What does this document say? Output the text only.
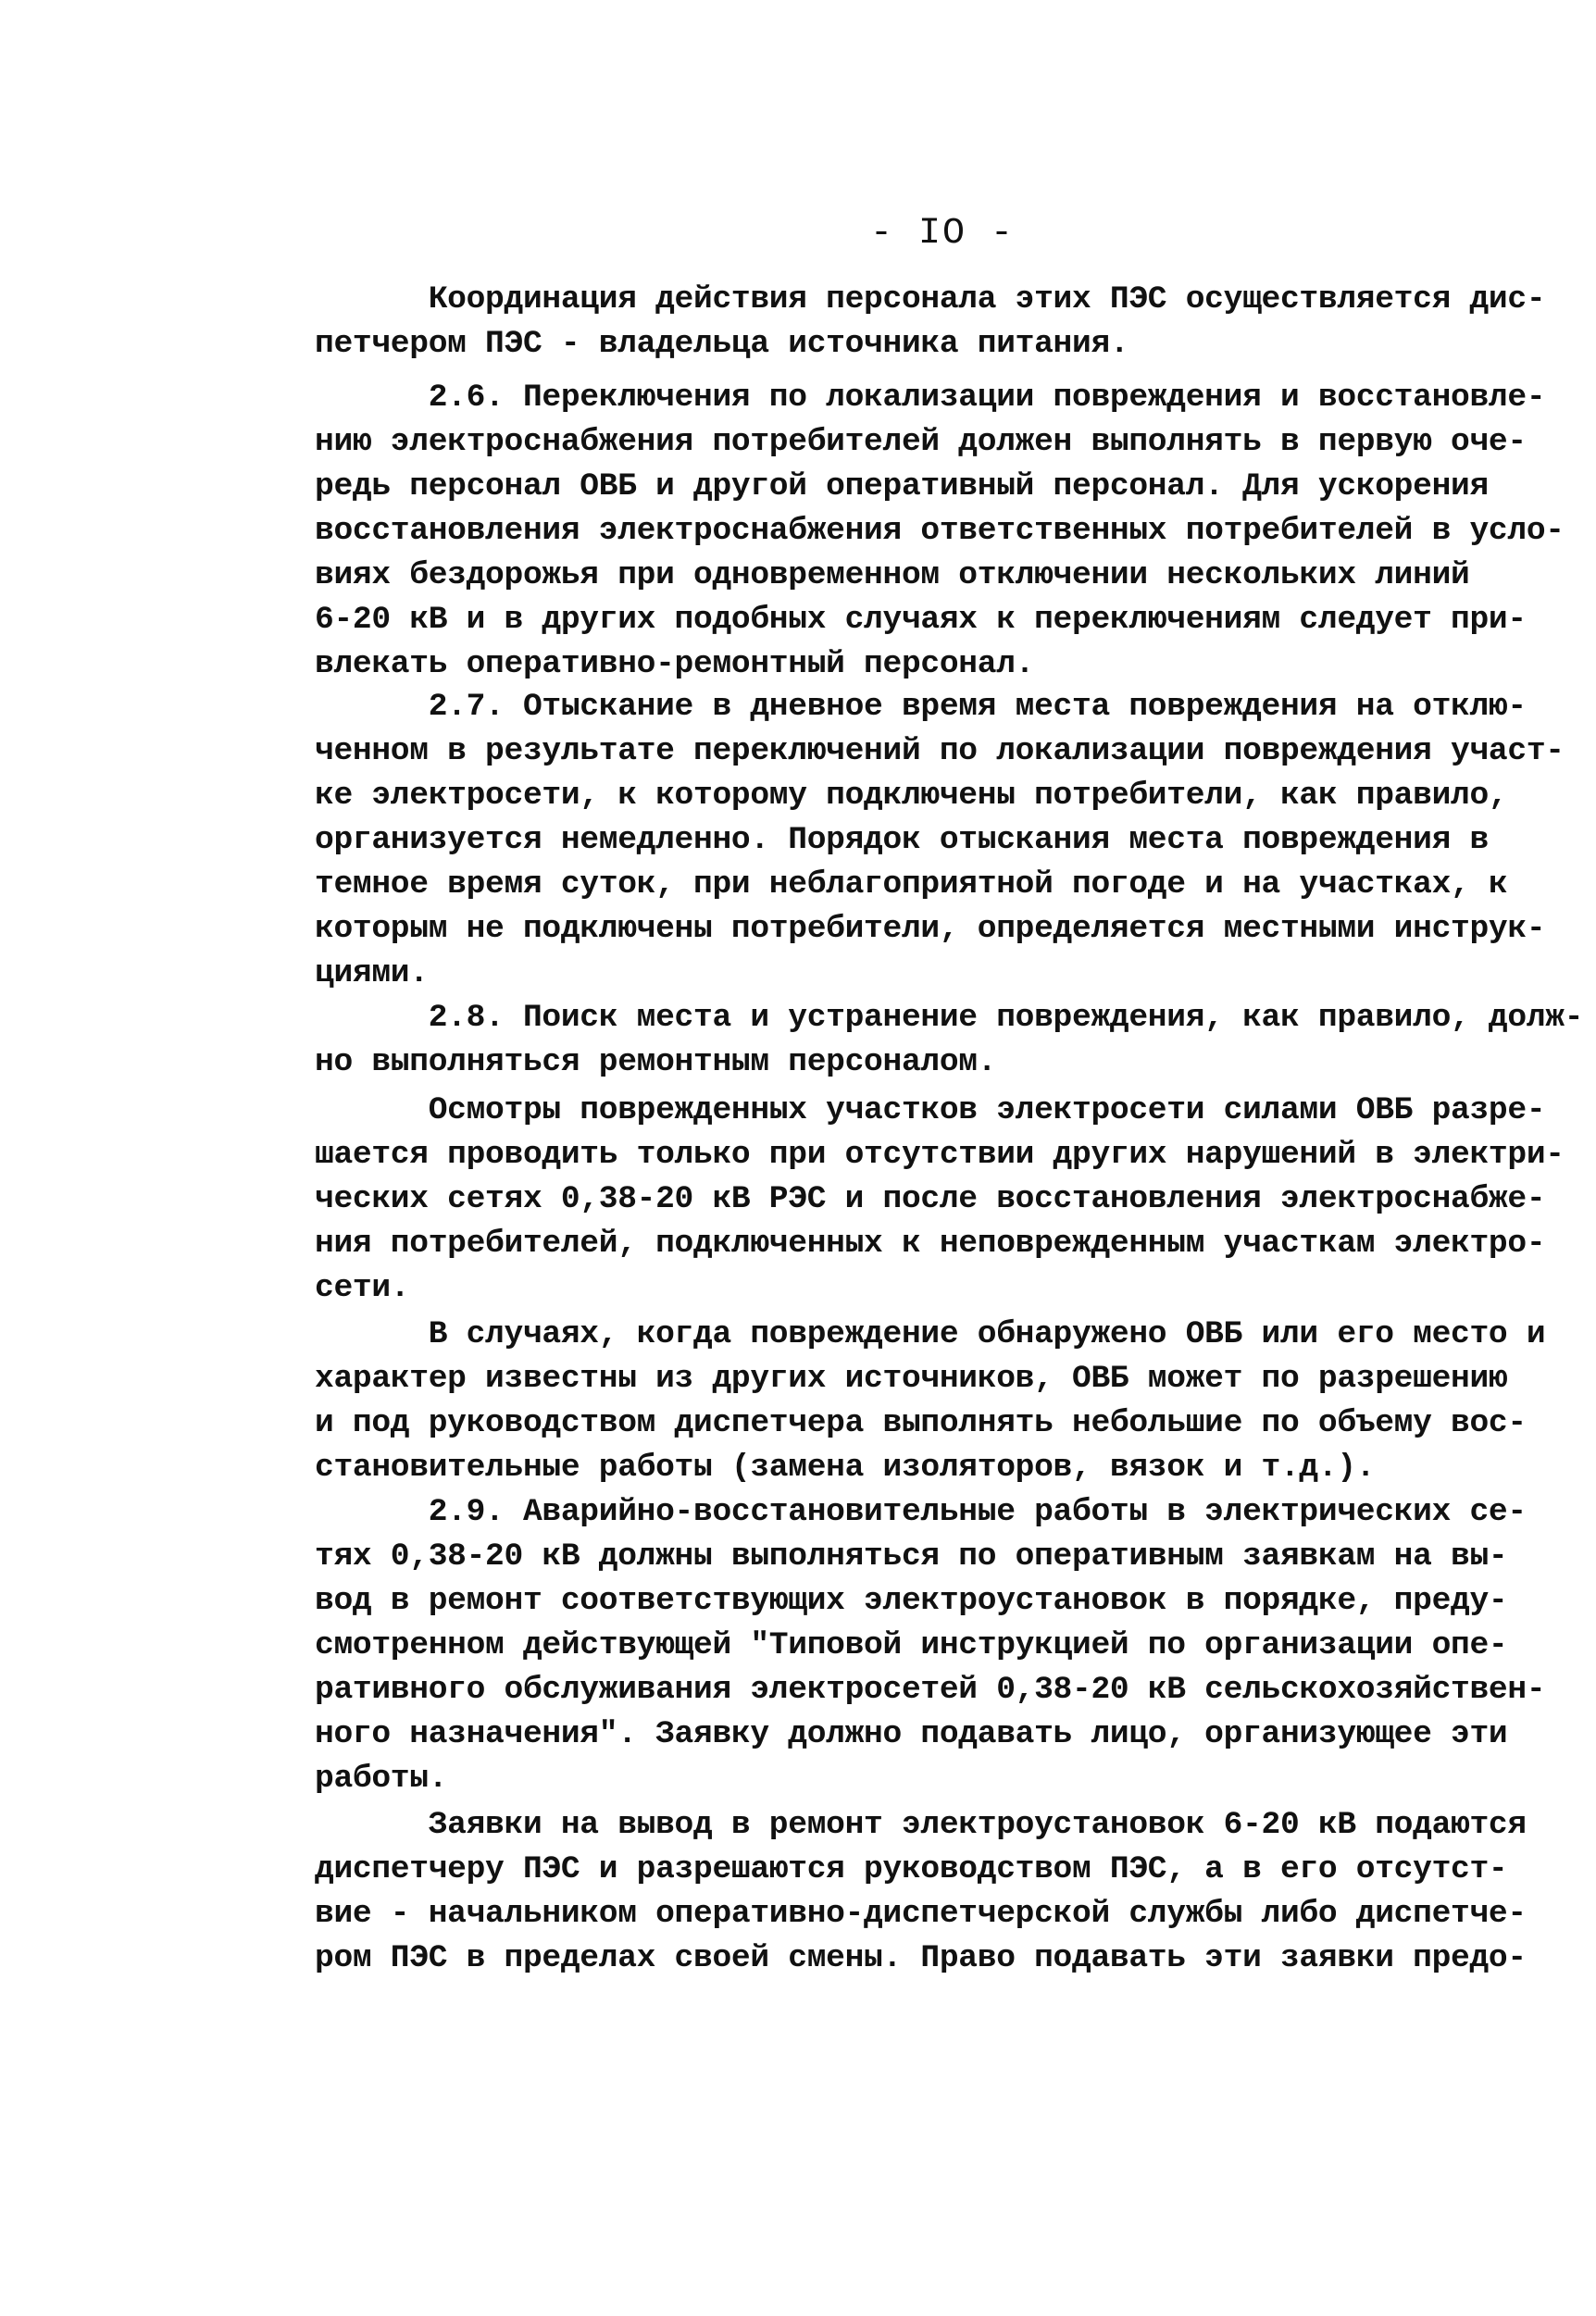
- IO -
Координация действия персонала этих ПЭС осуществляется дис-
петчером ПЭС - владельца источника питания.
2.6. Переключения по локализации повреждения и восстановле-
нию электроснабжения потребителей должен выполнять в первую оче-
редь персонал ОВБ и другой оперативный персонал. Для ускорения
восстановления электроснабжения ответственных потребителей в усло-
виях бездорожья при одновременном отключении нескольких линий
6-20 кВ и в других подобных случаях к переключениям следует при-
влекать оперативно-ремонтный персонал.
2.7. Отыскание в дневное время места повреждения на отклю-
ченном в результате переключений по локализации повреждения участ-
ке электросети, к которому подключены потребители, как правило,
организуется немедленно. Порядок отыскания места повреждения в
темное время суток, при неблагоприятной погоде и на участках, к
которым не подключены потребители, определяется местными инструк-
циями.
2.8. Поиск места и устранение повреждения, как правило, долж-
но выполняться ремонтным персоналом.
Осмотры поврежденных участков электросети силами ОВБ разре-
шается проводить только при отсутствии других нарушений в электри-
ческих сетях 0,38-20 кВ РЭС и после восстановления электроснабже-
ния потребителей, подключенных к неповрежденным участкам электро-
сети.
В случаях, когда повреждение обнаружено ОВБ или его место и
характер известны из других источников, ОВБ может по разрешению
и под руководством диспетчера выполнять небольшие по объему вос-
становительные работы (замена изоляторов, вязок и т.д.).
2.9. Аварийно-восстановительные работы в электрических се-
тях 0,38-20 кВ должны выполняться по оперативным заявкам на вы-
вод в ремонт соответствующих электроустановок в порядке, преду-
смотренном действующей "Типовой инструкцией по организации опе-
ративного обслуживания электросетей 0,38-20 кВ сельскохозяйствен-
ного назначения". Заявку должно подавать лицо, организующее эти
работы.
Заявки на вывод в ремонт электроустановок 6-20 кВ подаются
диспетчеру ПЭС и разрешаются руководством ПЭС, а в его отсутст-
вие - начальником оперативно-диспетчерской службы либо диспетче-
ром ПЭС в пределах своей смены. Право подавать эти заявки предо-
